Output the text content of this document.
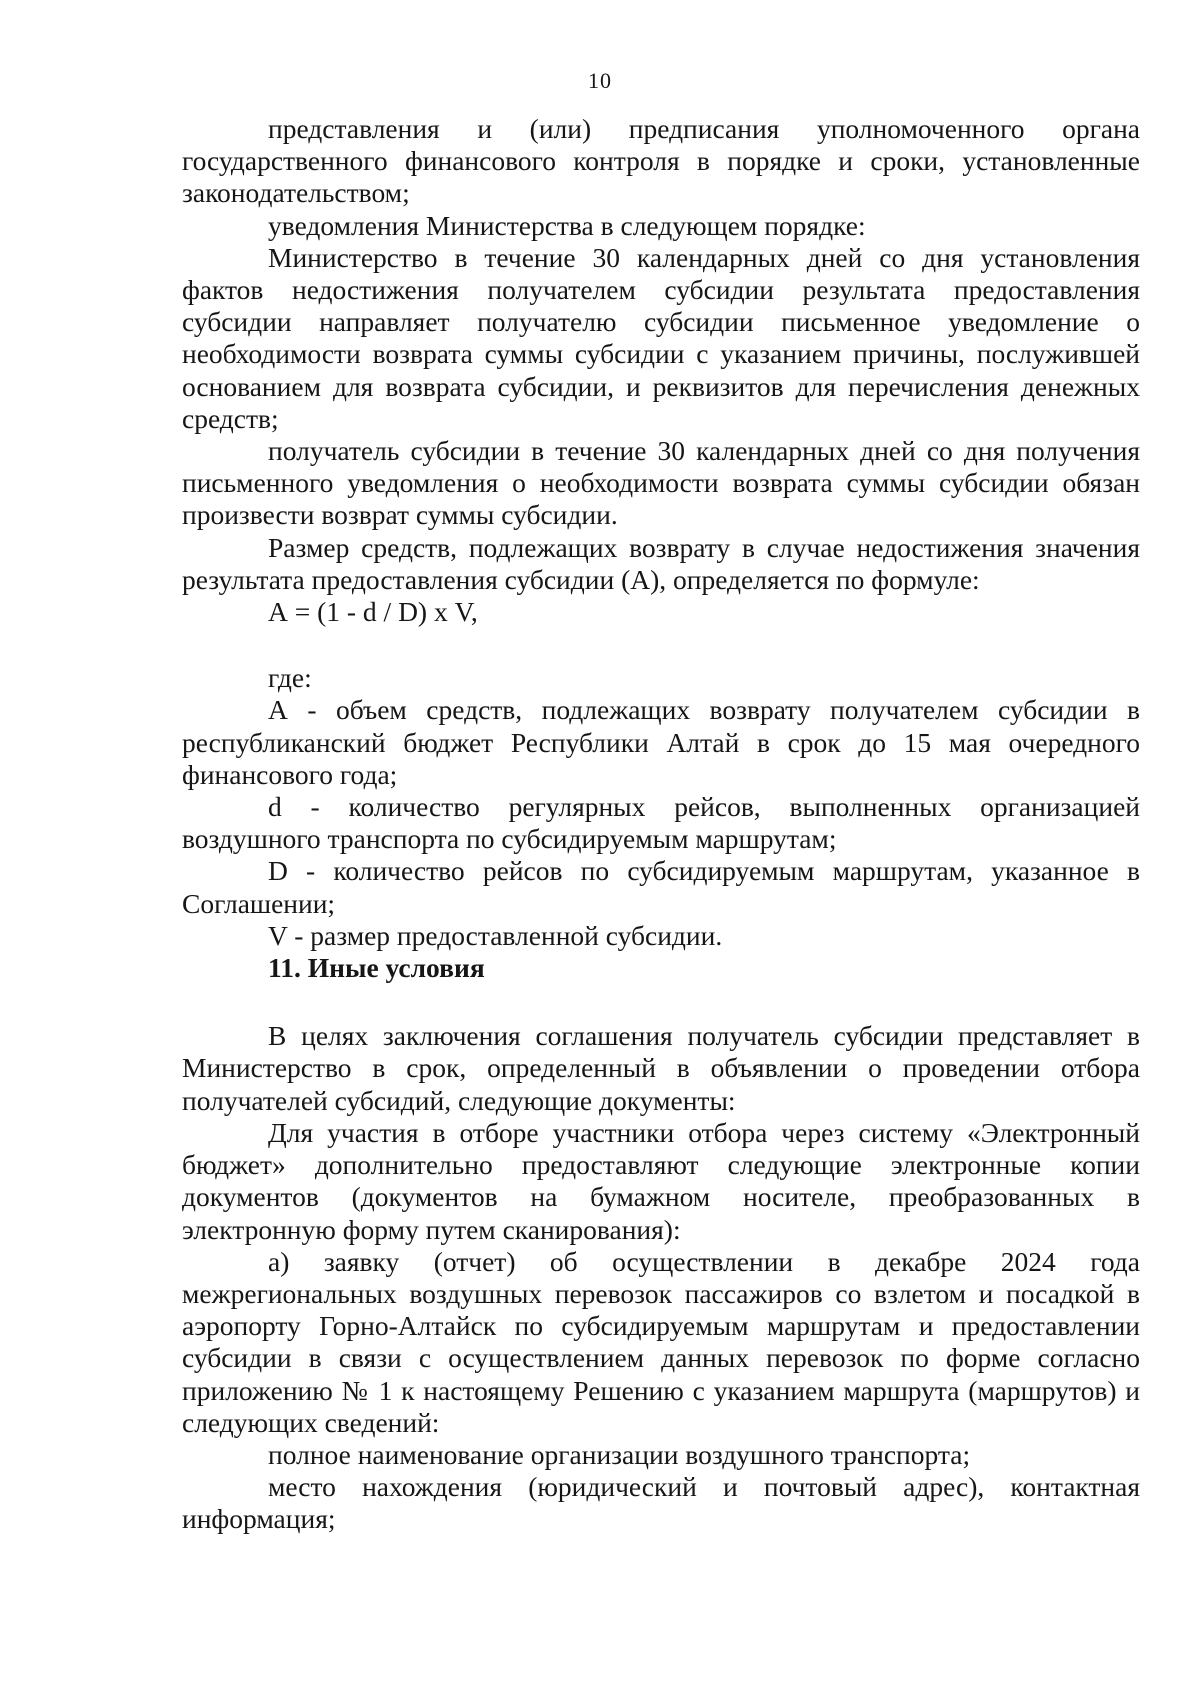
10

представления и (или) предписания уполномоченного органа государственного финансового контроля в порядке и сроки, установленные законодательством;

уведомления Министерства в следующем порядке:

Министерство в течение 30 календарных дней со дня установления фактов недостижения получателем субсидии результата предоставления субсидии направляет получателю субсидии письменное уведомление о необходимости возврата суммы субсидии с указанием причины, послужившей основанием для возврата субсидии, и реквизитов для перечисления денежных средств;

получатель субсидии в течение 30 календарных дней со дня получения письменного уведомления о необходимости возврата суммы субсидии обязан произвести возврат суммы субсидии.

Размер средств, подлежащих возврату в случае недостижения значения результата предоставления субсидии (А), определяется по формуле:

А = (1 - d / D) х V,

где:

А - объем средств, подлежащих возврату получателем субсидии в республиканский бюджет Республики Алтай в срок до 15 мая очередного финансового года;

d - количество регулярных рейсов, выполненных организацией воздушного транспорта по субсидируемым маршрутам;

D - количество рейсов по субсидируемым маршрутам, указанное в Соглашении;

V - размер предоставленной субсидии.

11. Иные условия

В целях заключения соглашения получатель субсидии представляет в Министерство в срок, определенный в объявлении о проведении отбора получателей субсидий, следующие документы:

Для участия в отборе участники отбора через систему «Электронный бюджет» дополнительно предоставляют следующие электронные копии документов (документов на бумажном носителе, преобразованных в электронную форму путем сканирования):

а) заявку (отчет) об осуществлении в декабре 2024 года межрегиональных воздушных перевозок пассажиров со взлетом и посадкой в аэропорту Горно-Алтайск по субсидируемым маршрутам и предоставлении субсидии в связи с осуществлением данных перевозок по форме согласно приложению № 1 к настоящему Решению с указанием маршрута (маршрутов) и следующих сведений:

полное наименование организации воздушного транспорта;

место нахождения (юридический и почтовый адрес), контактная информация;
